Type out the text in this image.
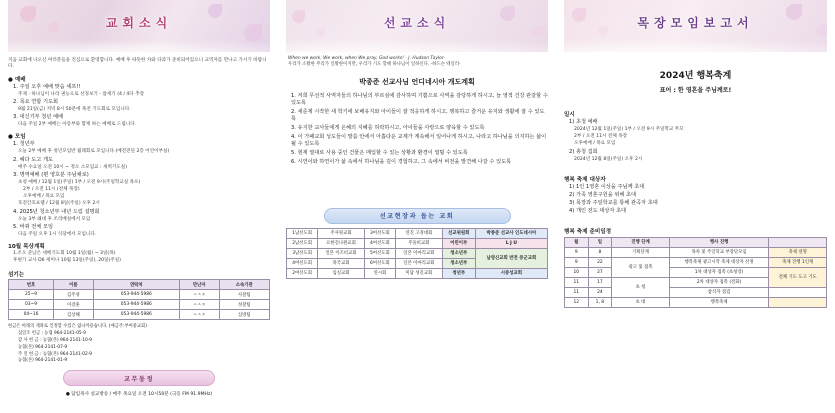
교회소식
지음 교회에 나오신 여러분들을 진심으로 환영합니다. 예배 후 따뜻한 차와 다과가 준비되어있으니 교역자를 만나고 가시기 바랍니다.
● 예배
1. 주일 오후 예배 맞습 셰프!!
주제 : 하나님이 나라 권능으로 선경보기 - 참세기 (4 / 4다 추장
2. 목요 연합 기도회
9월 21일(금) 저녁 8시 50분에 목전 기도회로 모입니다.
3. 대신기부 청년 예배
다음 주일 2부 예배는 아롱부와 함께 하는 예배로 드립니다.
● 모임
1. 청년부
오늘 2부 예배 후 청년모임반 월례회로 모입니다.(베전전단 2층 어린이부실)
2. 헤다 도고 개도
매주 수요일 오전 10시 ~ 정오 소모임교 : 새벽기도실)
3. 명역예배 (편 영호분 주님채로)
초청 예배 / 12월 1일(주일) 1부 / 오전 9시(주일학교실 목포)
2부 / 오전 11시 (전체 목장)
오후예배 / 목요 모임
호전간호프램 / 12월 8일(주일) 오후 2시
4. 2025년 청소년부 내년 드림 설명회
오늘 3부 왜대 후 조리배실에서 모임
5. 바뀌 전체 모임
다음 주일 오후 1시 식당에서 모임니다.
10월 목상계획
1.조오 준남은 세베기도회 10월 1일(월) ~ 3일(목)
후편가 교사 D6 세미나 10월 13일(주일), 20일(주일)
섬기는
번호	이름	연락처	만난자	소속기관
25~9	김주성	053-944-5986	ㅅㅅㅈ	사찰팀
03~9	이강훈	053-944-5986	ㅅㅅㅈ	성찰팀
04~16	김상해	053-944-5986	ㅅㅅㅈ	심방팀
헌금은 아래의 계좌로 인정할 수있은 없나까용습니다. (예금주:부여중교회)
십일조 헌금 : 농협 964-2141-05-9
감 사 헌 금 : 농협(본) 964-2141-10-9
농협(본) 964-2141-07-9
주 일 헌 금 : 농협(본) 964-2141-02-9
농협(본) 964-2141-01-9
교무동정
● 담임목사 설교방송 / 매주 목요일 오전 10시50분 (극동 FM 91.9MHz)
선교소식
When we work, We work, when We pray, God works! - J. Hudson Taylor-
우리가 소활한 무리가 일활한이지만, 우리가 기도 할때 하나님이 일하신다. -하드슨 테일러-
박종준 선교사님 언디네시아 개도계획
1. 저희 무선적 사역자들의 하나님의 부르심에 감사하며 기쁨으로 사역을 감당하게 하시고, 늘 영적 건강 관갈할 수 있도록
2. 새준제 시작한 새 학기에 보배유지와 아이들이 잘 적응하게 하시고, 행복하고 즐거운 유지와 생활에 잘 수 있도록
3. 유지한 교사들에게 온혜의 지혜를 허락하시고, 아이들을 사랑으로 양육할 수 있도록
4. 이 가패교회 성도들이 말씀 안에서 아홉다운 교제가 계속해서 일어나게 하시고, 나라고 하나님을 의지하는 삶이 될 수 있도록
5. 현재 열대로 사용 중인 건물은 매입할 수 있는 상황과 환경이 열릴 수 있도록
6. 시연이와 하연이가 삶 속에서 하나님을 깊이 경험하고, 그 속에서 비전을 발견해 나갈 수 있도록
선교현장과 돕는 교회
1남선도회	주사원교회	3여선도회	연진 고경대회	선교위원회	박종준 선교사 인도네시아
2남선도회	요한길나원교회	4여선도회	주돌비교회	어린이부	L J U
3남선도회	일본 이조비교회	5여선도회	일본 이마리교회	청소년부	남영신교회 반전 중군교회
4여선도회	목국교회	6여선도회	일본 이마리교회	청소년부	
2여선도회	임실교회	연시회	미담 성길교회	청년부	시중성교회
목장모임보고서
2024년 행복축계
표어 : 한 영혼을 주님께로!
일시
1) 초청 예배
2024년 12월 1일(주일) 1부 / 오전 9시 주일학교 무모
2부 / 오전 11시 전체 목장
오후예배 / 목요 모임
2) 총청 집회
2024년 12월 8일(주일) 오후 2시
행복 축제 대상자
1) 1인 1영혼 이상을 주님께 초대
2) 가족 영혼구원을 위해 초대
3) 목장과 주일학교를 통해 관곡자 초대
4) 개인 전도 대상자 초대
행복 축제 준비일정
월	일	진행 단계	행사 진행	
9	8	기획단계	목차 및 주일학교 부장단모임	축제 설명
9	22	광고 및 접촉	행복축제 광고시작 축제 대상자 선정	축제 진행 1인계
10	27		1차 대상자 접촉 (초청장)	전체 기도 도고 기도
11	17	초 청	2차 대상자 접촉 (전화)	
11	24		참석자 점검	
12	1, 8	초 대	행복축제	
